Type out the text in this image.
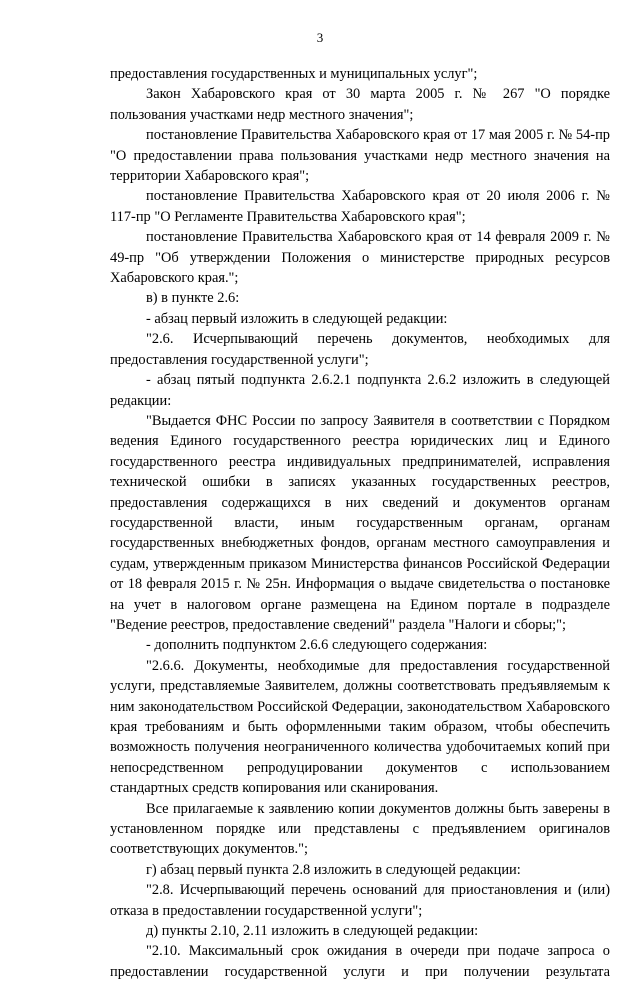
3

предоставления государственных и муниципальных услуг";

Закон Хабаровского края от 30 марта 2005 г. № 267 "О порядке пользования участками недр местного значения";

постановление Правительства Хабаровского края от 17 мая 2005 г. № 54-пр "О предоставлении права пользования участками недр местного значения на территории Хабаровского края";

постановление Правительства Хабаровского края от 20 июля 2006 г. № 117-пр "О Регламенте Правительства Хабаровского края";

постановление Правительства Хабаровского края от 14 февраля 2009 г. № 49-пр "Об утверждении Положения о министерстве природных ресурсов Хабаровского края.";

в) в пункте 2.6:

- абзац первый изложить в следующей редакции:

"2.6. Исчерпывающий перечень документов, необходимых для предоставления государственной услуги";

- абзац пятый подпункта 2.6.2.1 подпункта 2.6.2 изложить в следующей редакции:

"Выдается ФНС России по запросу Заявителя в соответствии с Порядком ведения Единого государственного реестра юридических лиц и Единого государственного реестра индивидуальных предпринимателей, исправления технической ошибки в записях указанных государственных реестров, предоставления содержащихся в них сведений и документов органам государственной власти, иным государственным органам, органам государственных внебюджетных фондов, органам местного самоуправления и судам, утвержденным приказом Министерства финансов Российской Федерации от 18 февраля 2015 г. № 25н. Информация о выдаче свидетельства о постановке на учет в налоговом органе размещена на Едином портале в подразделе "Ведение реестров, предоставление сведений" раздела "Налоги и сборы;";

- дополнить подпунктом 2.6.6 следующего содержания:

"2.6.6. Документы, необходимые для предоставления государственной услуги, представляемые Заявителем, должны соответствовать предъявляемым к ним законодательством Российской Федерации, законодательством Хабаровского края требованиям и быть оформленными таким образом, чтобы обеспечить возможность получения неограниченного количества удобочитаемых копий при непосредственном репродуцировании документов с использованием стандартных средств копирования или сканирования.

Все прилагаемые к заявлению копии документов должны быть заверены в установленном порядке или представлены с предъявлением оригиналов соответствующих документов.";

г) абзац первый пункта 2.8 изложить в следующей редакции:

"2.8. Исчерпывающий перечень оснований для приостановления и (или) отказа в предоставлении государственной услуги";

д) пункты 2.10, 2.11 изложить в следующей редакции:

"2.10. Максимальный срок ожидания в очереди при подаче запроса о предоставлении государственной услуги и при получении результата
